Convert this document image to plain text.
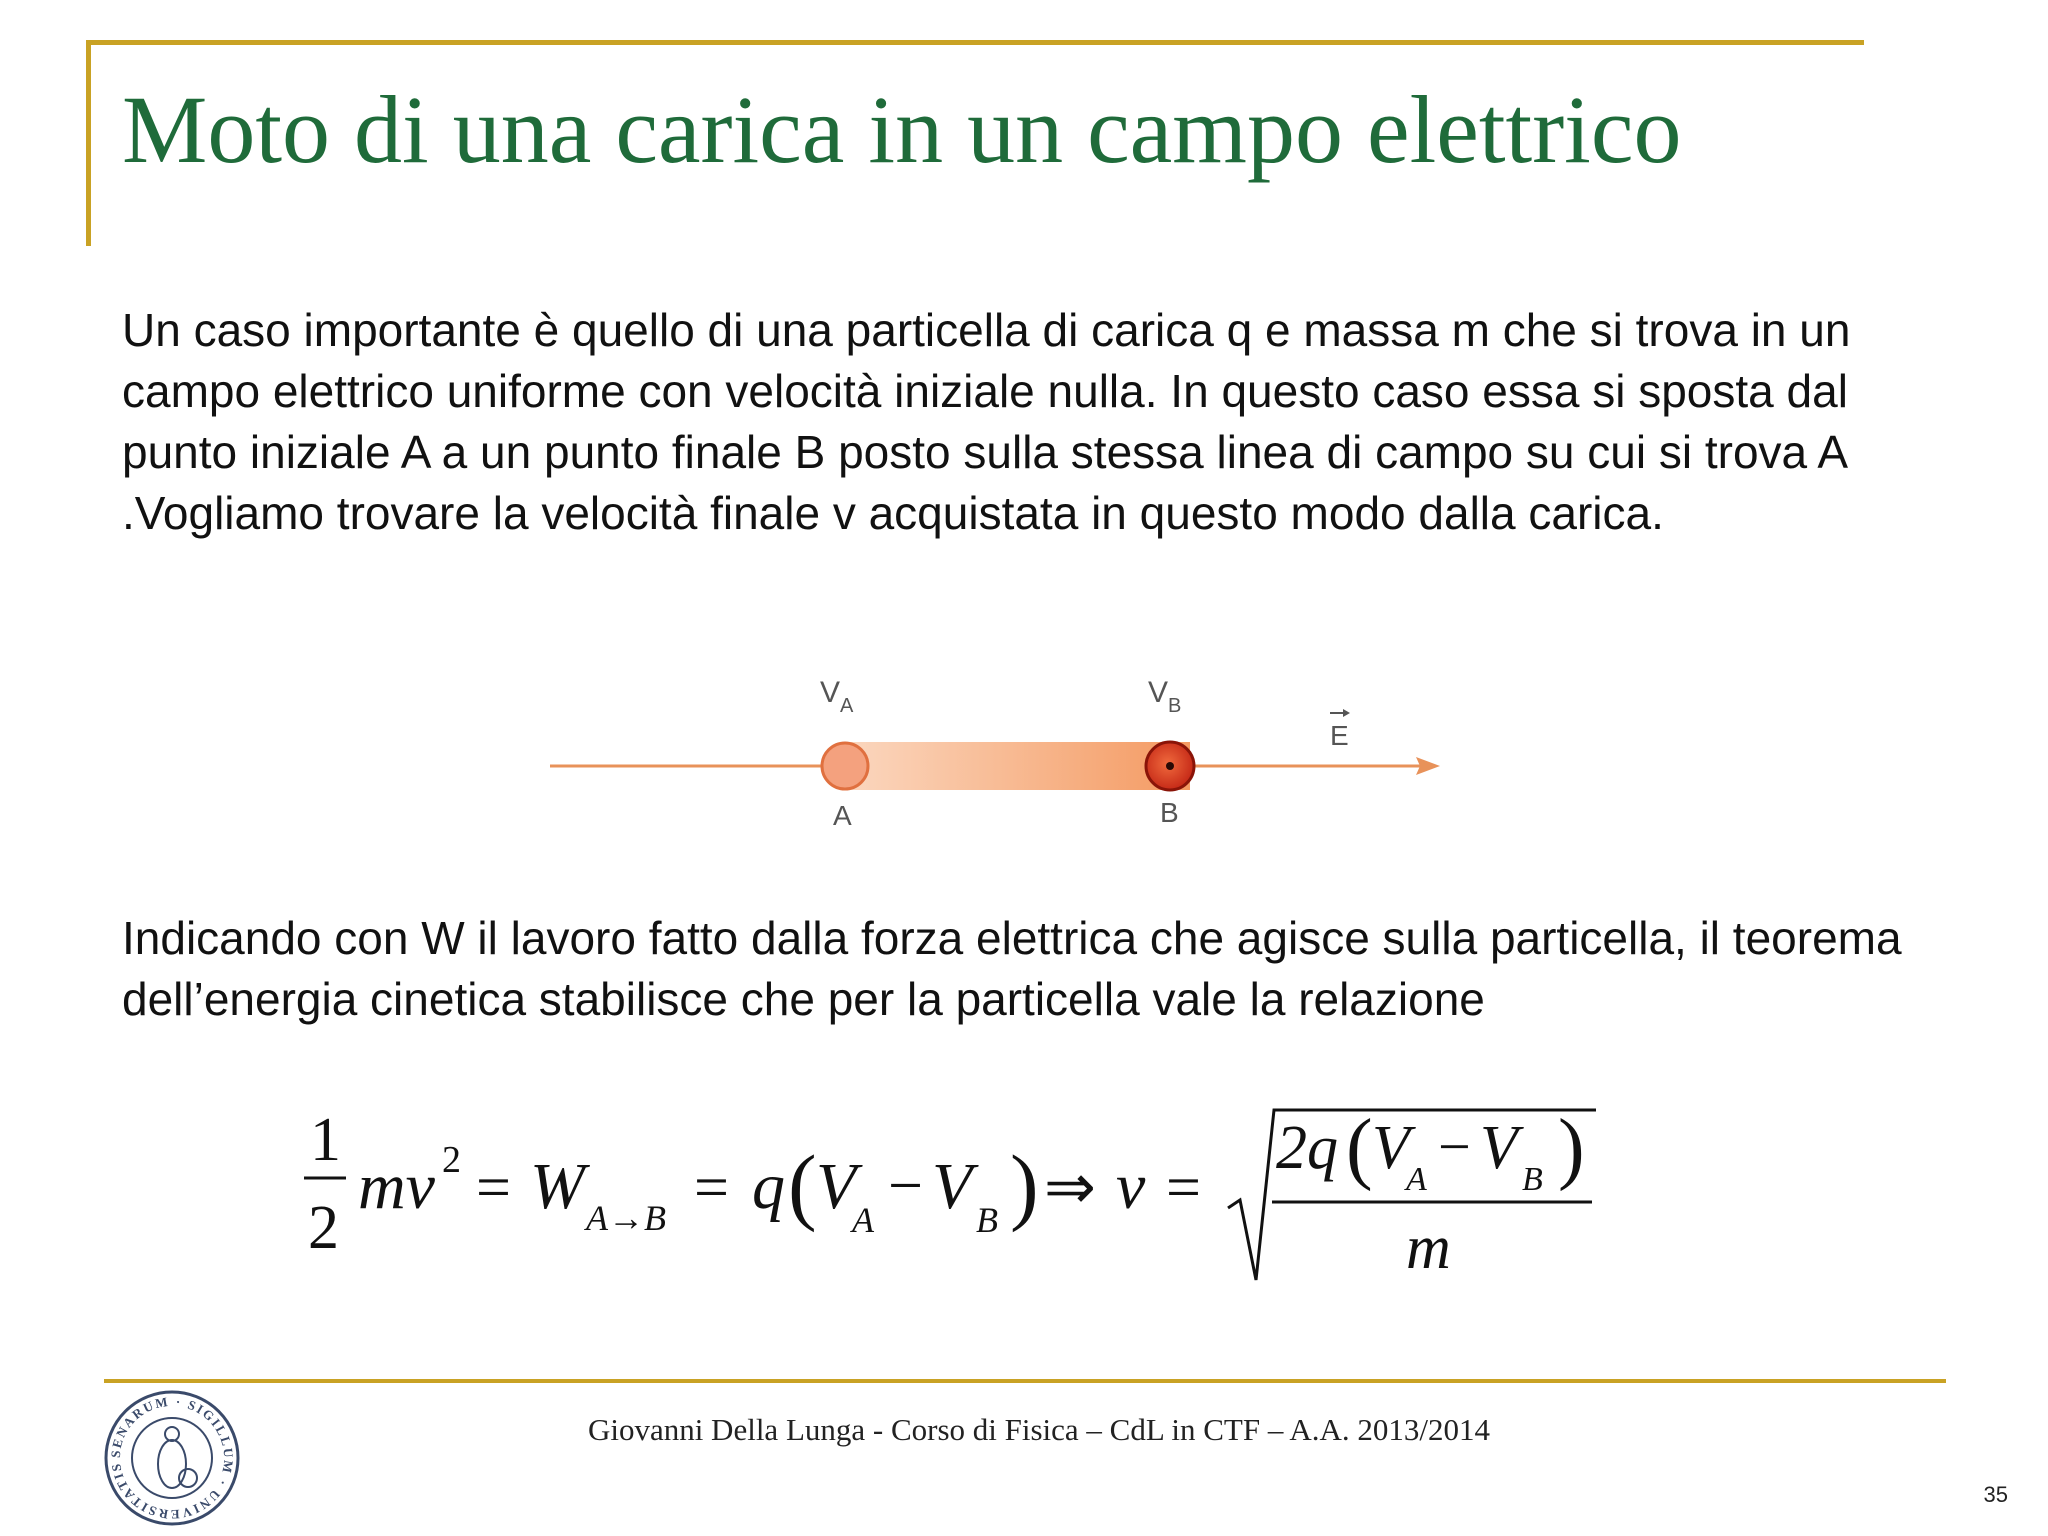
Moto di una carica in un campo elettrico

Un caso importante è quello di una particella di carica q e massa m che si trova in un campo elettrico uniforme con velocità iniziale nulla. In questo caso essa si sposta dal punto iniziale A a un punto finale B posto sulla stessa linea di campo su cui si trova A .Vogliamo trovare la velocità finale v acquistata in questo modo dalla carica.

V A	V B
A	B
E

Indicando con W il lavoro fatto dalla forza elettrica che agisce sulla particella, il teorema dell’energia cinetica stabilisce che per la particella vale la relazione

1
2
mv 2 = W A→B = q ( V
A − V B ) ⇒ v =
2q ( V
A
− V B )
m
SENARUM · SIGILLUM · UNIVERSITATIS
Giovanni Della Lunga - Corso di Fisica – CdL in CTF – A.A. 2013/2014
35
